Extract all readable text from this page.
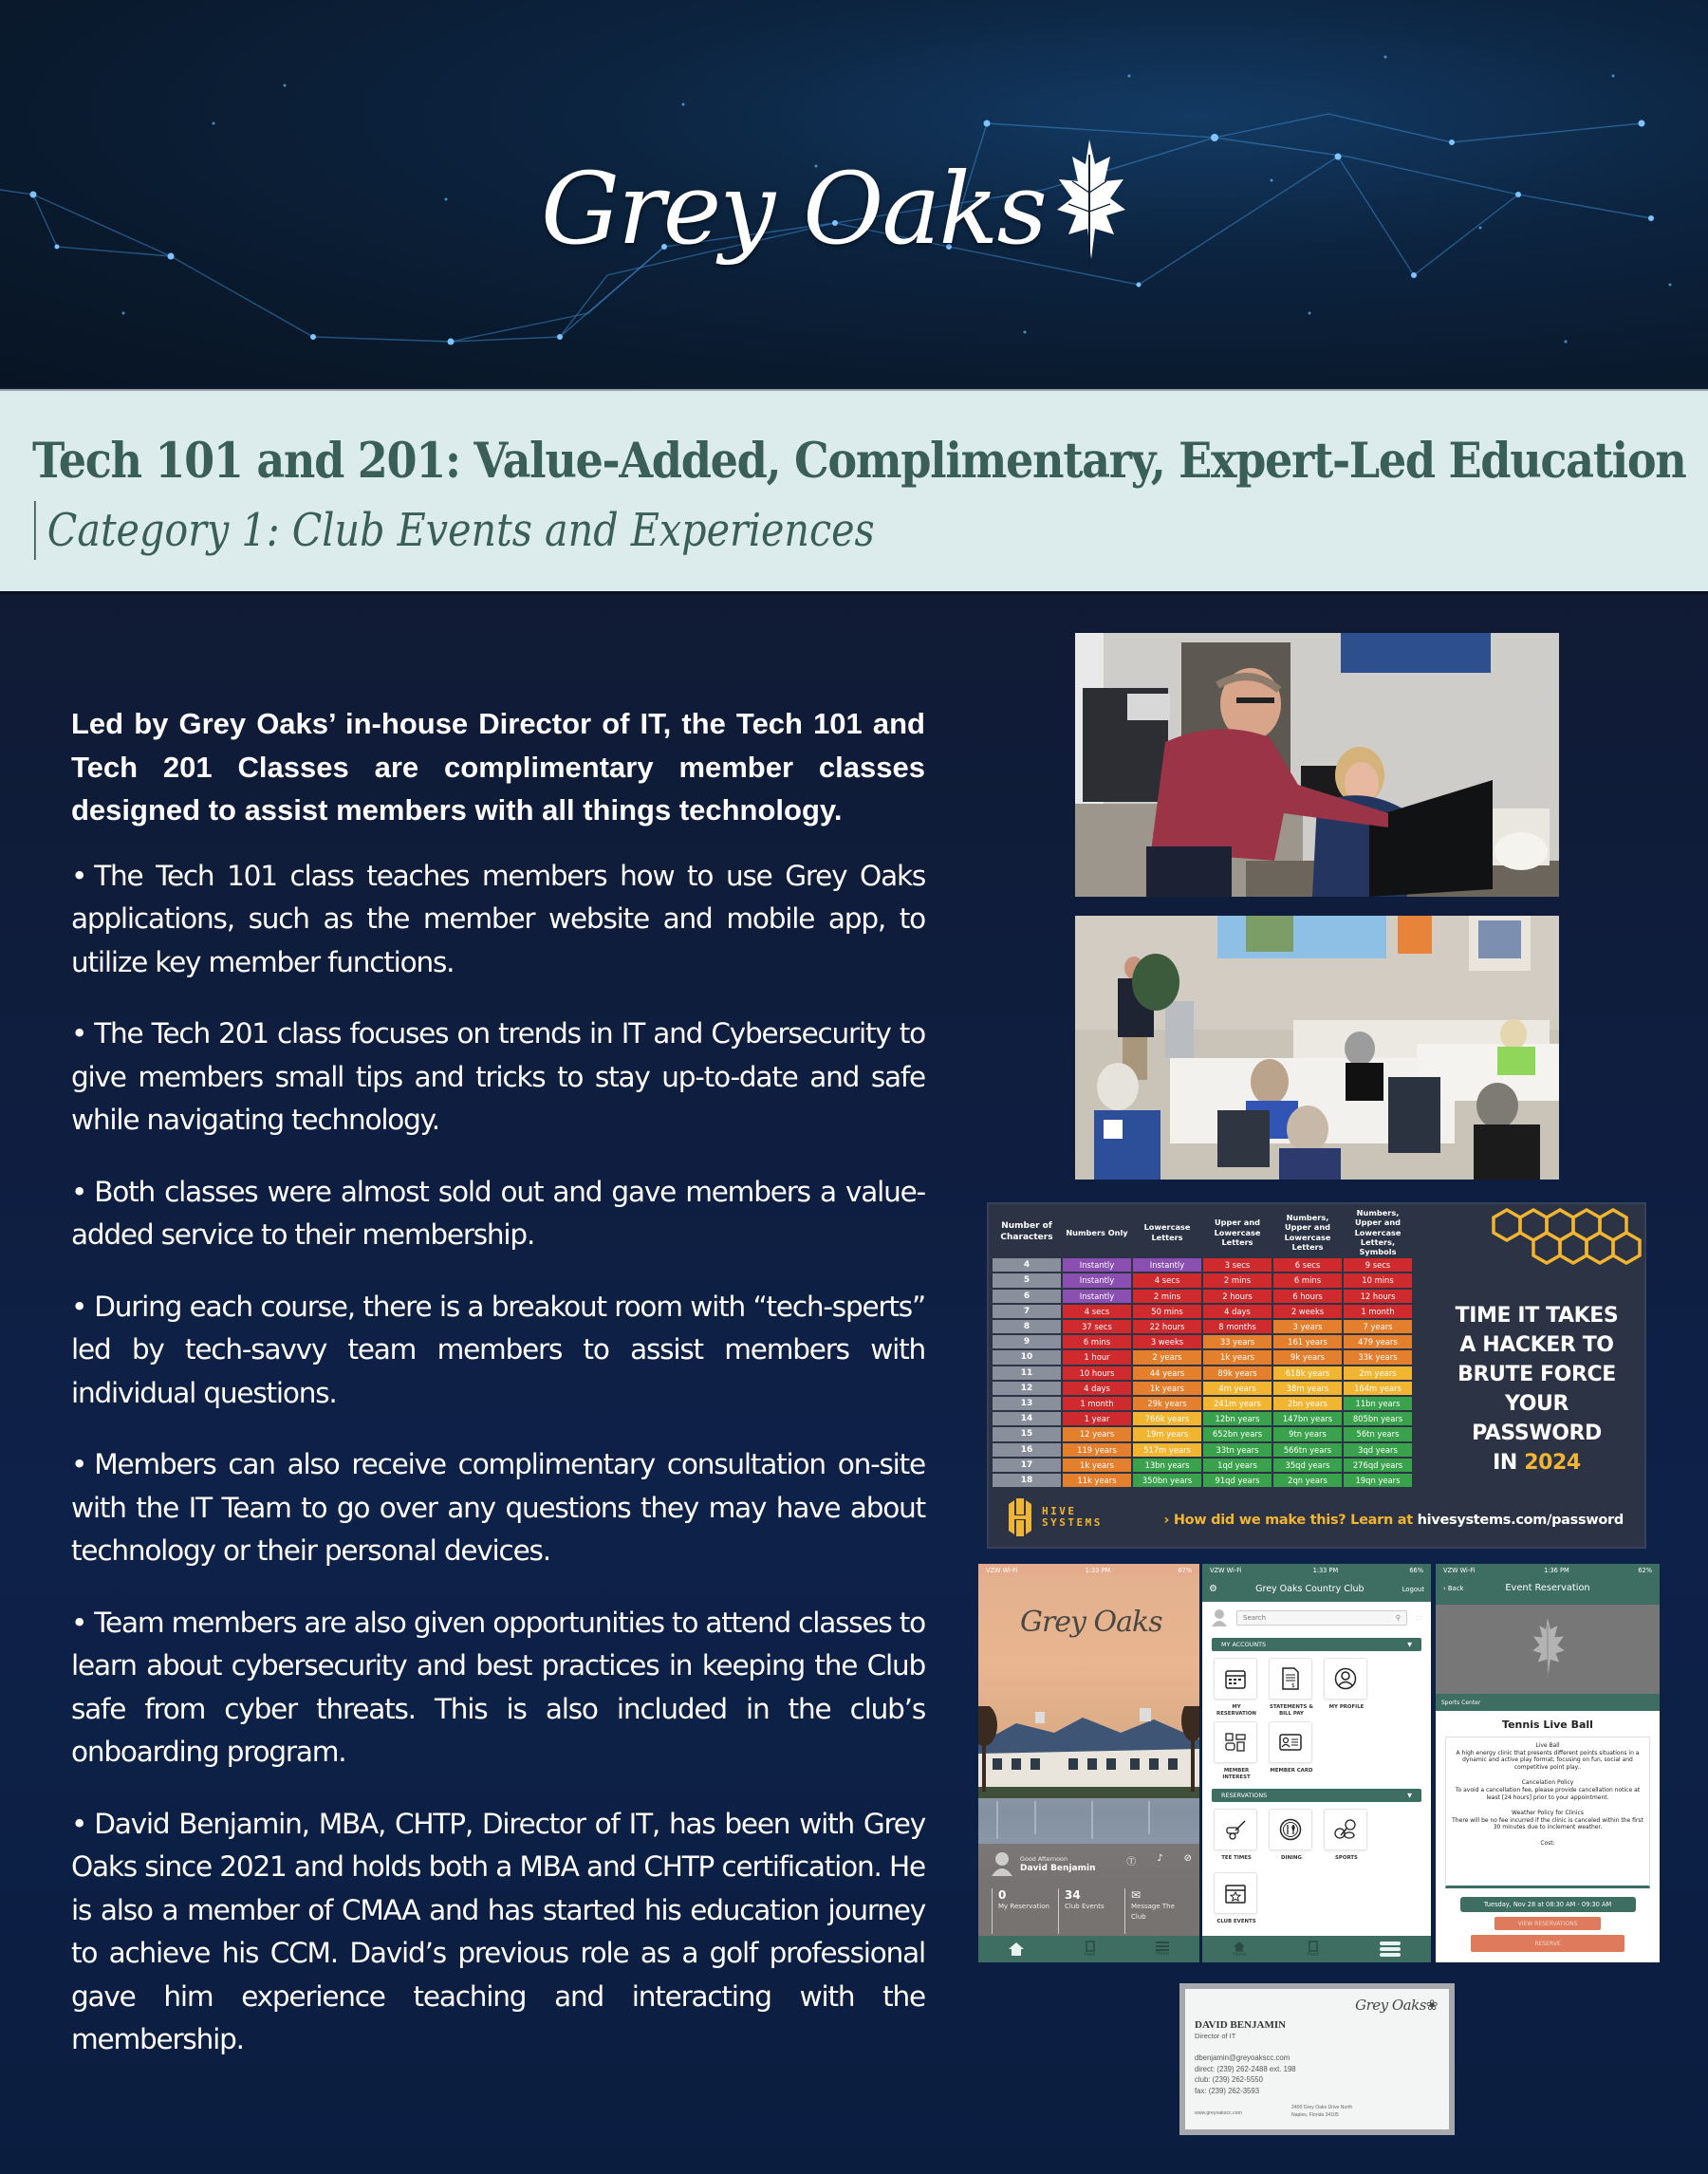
Grey Oaks
Tech 101 and 201: Value-Added, Complimentary, Expert-Led Education
Category 1: Club Events and Experiences

Led by Grey Oaks’ in-house Director of IT, the Tech 101 and Tech 201 Classes are complimentary member classes designed to assist members with all things technology.

• The Tech 101 class teaches members how to use Grey Oaks applications, such as the member website and mobile app, to utilize key member functions.

• The Tech 201 class focuses on trends in IT and Cybersecurity to give members small tips and tricks to stay up-to-date and safe while navigating technology.

• Both classes were almost sold out and gave members a value-added service to their membership.

• During each course, there is a breakout room with “tech-sperts” led by tech-savvy team members to assist members with individual questions.

• Members can also receive complimentary consultation on-site with the IT Team to go over any questions they may have about technology or their personal devices.

• Team members are also given opportunities to attend classes to learn about cybersecurity and best practices in keeping the Club safe from cyber threats. This is also included in the club’s onboarding program.

• David Benjamin, MBA, CHTP, Director of IT, has been with Grey Oaks since 2021 and holds both a MBA and CHTP certification. He is also a member of CMAA and has started his education journey to achieve his CCM. David’s previous role as a golf professional gave him experience teaching and interacting with the membership.

Number of Characters	Numbers Only	Lowercase Letters	Upper and Lowercase Letters	Numbers, Upper and Lowercase Letters	Numbers, Upper and Lowercase Letters, Symbols
4	Instantly	Instantly	3 secs	6 secs	9 secs
5	Instantly	4 secs	2 mins	6 mins	10 mins
6	Instantly	2 mins	2 hours	6 hours	12 hours
7	4 secs	50 mins	4 days	2 weeks	1 month
8	37 secs	22 hours	8 months	3 years	7 years
9	6 mins	3 weeks	33 years	161 years	479 years
10	1 hour	2 years	1k years	9k years	33k years
11	10 hours	44 years	89k years	618k years	2m years
12	4 days	1k years	4m years	38m years	164m years
13	1 month	29k years	241m years	2bn years	11bn years
14	1 year	766k years	12bn years	147bn years	805bn years
15	12 years	19m years	652bn years	9tn years	56tn years
16	119 years	517m years	33tn years	566tn years	3qd years
17	1k years	13bn years	1qd years	35qd years	276qd years
18	11k years	350bn years	91qd years	2qn years	19qn years
TIME IT TAKES
A HACKER TO
BRUTE FORCE
YOUR
PASSWORD
IN 2024
HIVE
SYSTEMS	› How did we make this? Learn at hivesystems.com/password
VZW Wi-Fi	1:33 PM	67%
Grey Oaks
Good Afternoon
David Benjamin
Ⓣ ♪ ⊘
0
My Reservation
34
Club Events
✉
Message The Club
Feed	Menu
VZW Wi-Fi	1:33 PM	66%
⚙	Grey Oaks Country Club	Logout
Search	⚲ ∷
MY ACCOUNTS	▼
MY RESERVATION
$
STATEMENTS & BILL PAY
MY PROFILE
MEMBER INTEREST
MEMBER CARD
RESERVATIONS	▼
TEE TIMES	DINING	SPORTS
CLUB EVENTS
Home	Feed
VZW Wi-Fi	1:36 PM	62%
‹ Back	Event Reservation
Sports Center
Tennis Live Ball

Live Ball
A high energy clinic that presents different points situations in a dynamic and active play format, focusing on fun, social and competitive point play..

Cancelation Policy
To avoid a cancellation fee, please provide cancellation notice at least [24 hours] prior to your appointment.

Weather Policy for Clinics
There will be no fee incurred if the clinic is canceled within the first 30 minutes due to inclement weather.

Cost:

Tuesday, Nov 28 at 08:30 AM - 09:30 AM
VIEW RESERVATIONS
RESERVE
Grey Oaks❀
DAVID BENJAMIN
Director of IT
dbenjamin@greyoakscc.com
direct: (239) 262-2488 ext. 198
club: (239) 262-5550
fax: (239) 262-3593
www.greyoakscc.com
2400 Grey Oaks Drive North
Naples, Florida 34105
